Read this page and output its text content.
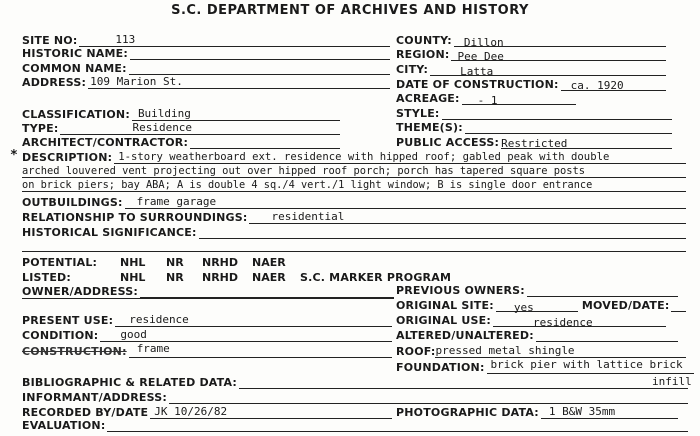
S.C. DEPARTMENT OF ARCHIVES AND HISTORY
SITE NO:	113
HISTORIC NAME:
COMMON NAME:
ADDRESS: 109 Marion St.
CLASSIFICATION: Building
TYPE:	Residence
ARCHITECT/CONTRACTOR:
COUNTY: Dillon
REGION: Pee Dee
CITY:	Latta
DATE OF CONSTRUCTION: ca. 1920
ACREAGE: - 1
STYLE:
THEME(S):
PUBLIC ACCESS: Restricted
* DESCRIPTION: 1-story weatherboard ext. residence with hipped roof; gabled peak with double
arched louvered vent projecting out over hipped roof porch; porch has tapered square posts
on brick piers; bay ABA; A is double 4 sq./4 vert./1 light window; B is single door entrance
OUTBUILDINGS: frame garage
RELATIONSHIP TO SURROUNDINGS: residential
HISTORICAL SIGNIFICANCE:
POTENTIAL:	NHL	NR	NRHD	NAER
LISTED:	NHL	NR	NRHD	NAER	S.C. MARKER PROGRAM
OWNER/ADDRESS:	PREVIOUS OWNERS:
ORIGINAL SITE: yes	MOVED/DATE:
PRESENT USE: residence	ORIGINAL USE:	residence
CONDITION: good	ALTERED/UNALTERED:
CONSTRUCTION: frame	ROOF: pressed metal shingle
FOUNDATION: brick pier with lattice brick
infill
BIBLIOGRAPHIC & RELATED DATA:
INFORMANT/ADDRESS:
RECORDED BY/DATE JK 10/26/82	PHOTOGRAPHIC DATA: 1 B&W 35mm
EVALUATION:
